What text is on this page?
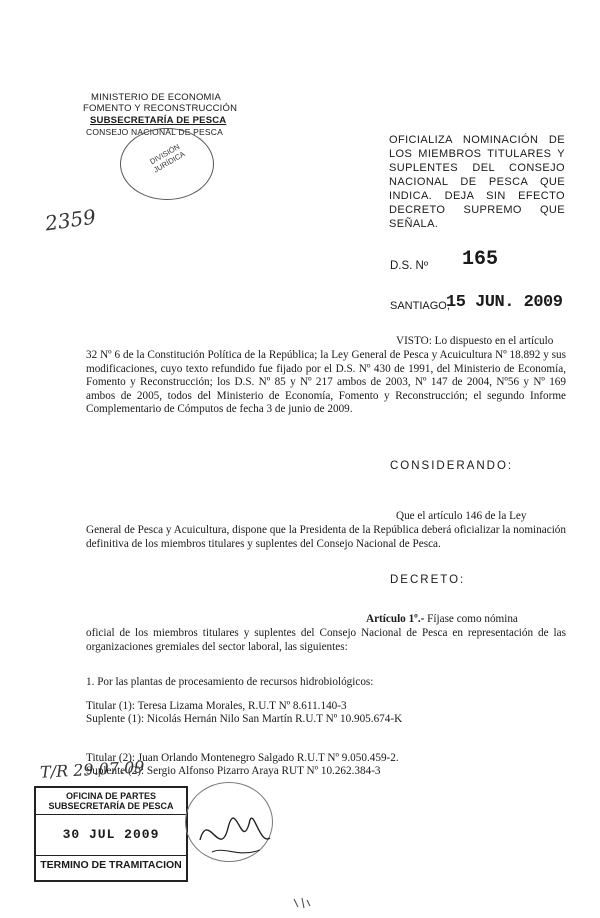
MINISTERIO DE ECONOMIA
FOMENTO Y RECONSTRUCCIÓN
SUBSECRETARÍA DE PESCA
CONSEJO NACIONAL DE PESCA
DIVISIÓN JURÍDICA
2359
OFICIALIZA NOMINACIÓN DE
LOS MIEMBROS TITULARES Y
SUPLENTES DEL CONSEJO
NACIONAL DE PESCA QUE
INDICA. DEJA SIN EFECTO
DECRETO SUPREMO QUE
SEÑALA.
D.S. Nº 165
SANTIAGO,
15 JUN. 2009
VISTO: Lo dispuesto en el artículo
32 Nº 6 de la Constitución Política de la República; la Ley General de Pesca y Acuicultura Nº 18.892 y sus modificaciones, cuyo texto refundido fue fijado por el D.S. Nº 430 de 1991, del Ministerio de Economía, Fomento y Reconstrucción; los D.S. Nº 85 y Nº 217 ambos de 2003, Nº 147 de 2004, Nº56 y Nº 169 ambos de 2005, todos del Ministerio de Economía, Fomento y Reconstrucción; el segundo Informe Complementario de Cómputos de fecha 3 de junio de 2009.
CONSIDERANDO:
Que el artículo 146 de la Ley
General de Pesca y Acuicultura, dispone que la Presidenta de la República deberá oficializar la nominación definitiva de los miembros titulares y suplentes del Consejo Nacional de Pesca.
DECRETO:
Artículo 1º.- Fíjase como nómina
oficial de los miembros titulares y suplentes del Consejo Nacional de Pesca en representación de las organizaciones gremiales del sector laboral, las siguientes:
1. Por las plantas de procesamiento de recursos hidrobiológicos:
Titular (1): Teresa Lizama Morales, R.U.T Nº 8.611.140-3
Suplente (1): Nicolás Hernán Nilo San Martín R.U.T Nº 10.905.674-K
Titular (2): Juan Orlando Montenegro Salgado R.U.T Nº 9.050.459-2.
Suplente (2): Sergio Alfonso Pizarro Araya RUT Nº 10.262.384-3
T/R 29.07.09
OFICINA DE PARTES
SUBSECRETARÍA DE PESCA
30 JUL 2009
TERMINO DE TRAMITACION
